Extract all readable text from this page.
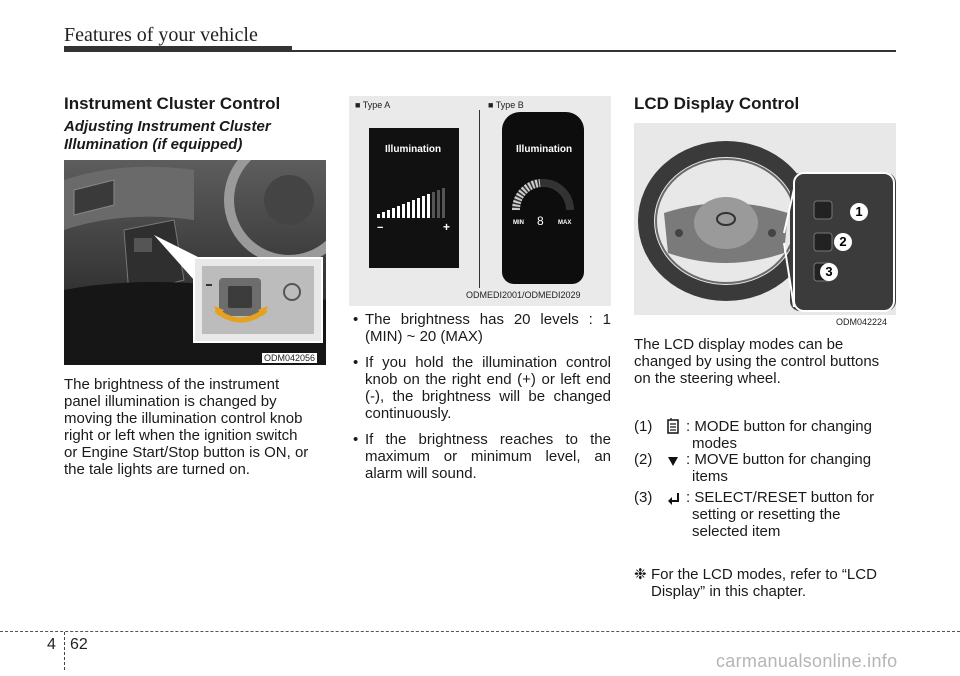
Features of your vehicle
Instrument Cluster Control
Adjusting Instrument Cluster
Illumination (if equipped)
ODM042056
The brightness of the instrument
panel illumination is changed by
moving the illumination control knob
right or left when the ignition switch
or Engine Start/Stop button is ON, or
the tale lights are turned on.
■ Type A	■ Type B
Illumination
−	+
Illumination
MIN 8 MAX
ODMEDI2001/ODMEDI2029
• The brightness has 20 levels : 1 (MIN) ~ 20 (MAX)
• If you hold the illumination control knob on the right end (+) or left end (-), the brightness will be changed continuously.
• If the brightness reaches to the maximum or minimum level, an alarm will sound.
LCD Display Control
1
2
3
ODM042224
The LCD display modes can be
changed by using the control buttons
on the steering wheel.
(1) : MODE button for changing
modes
(2) : MOVE button for changing
items
(3) : SELECT/RESET button for
setting or resetting the
selected item
❉ For the LCD modes, refer to “LCD
Display” in this chapter.
4 62
carmanualsonline.info
